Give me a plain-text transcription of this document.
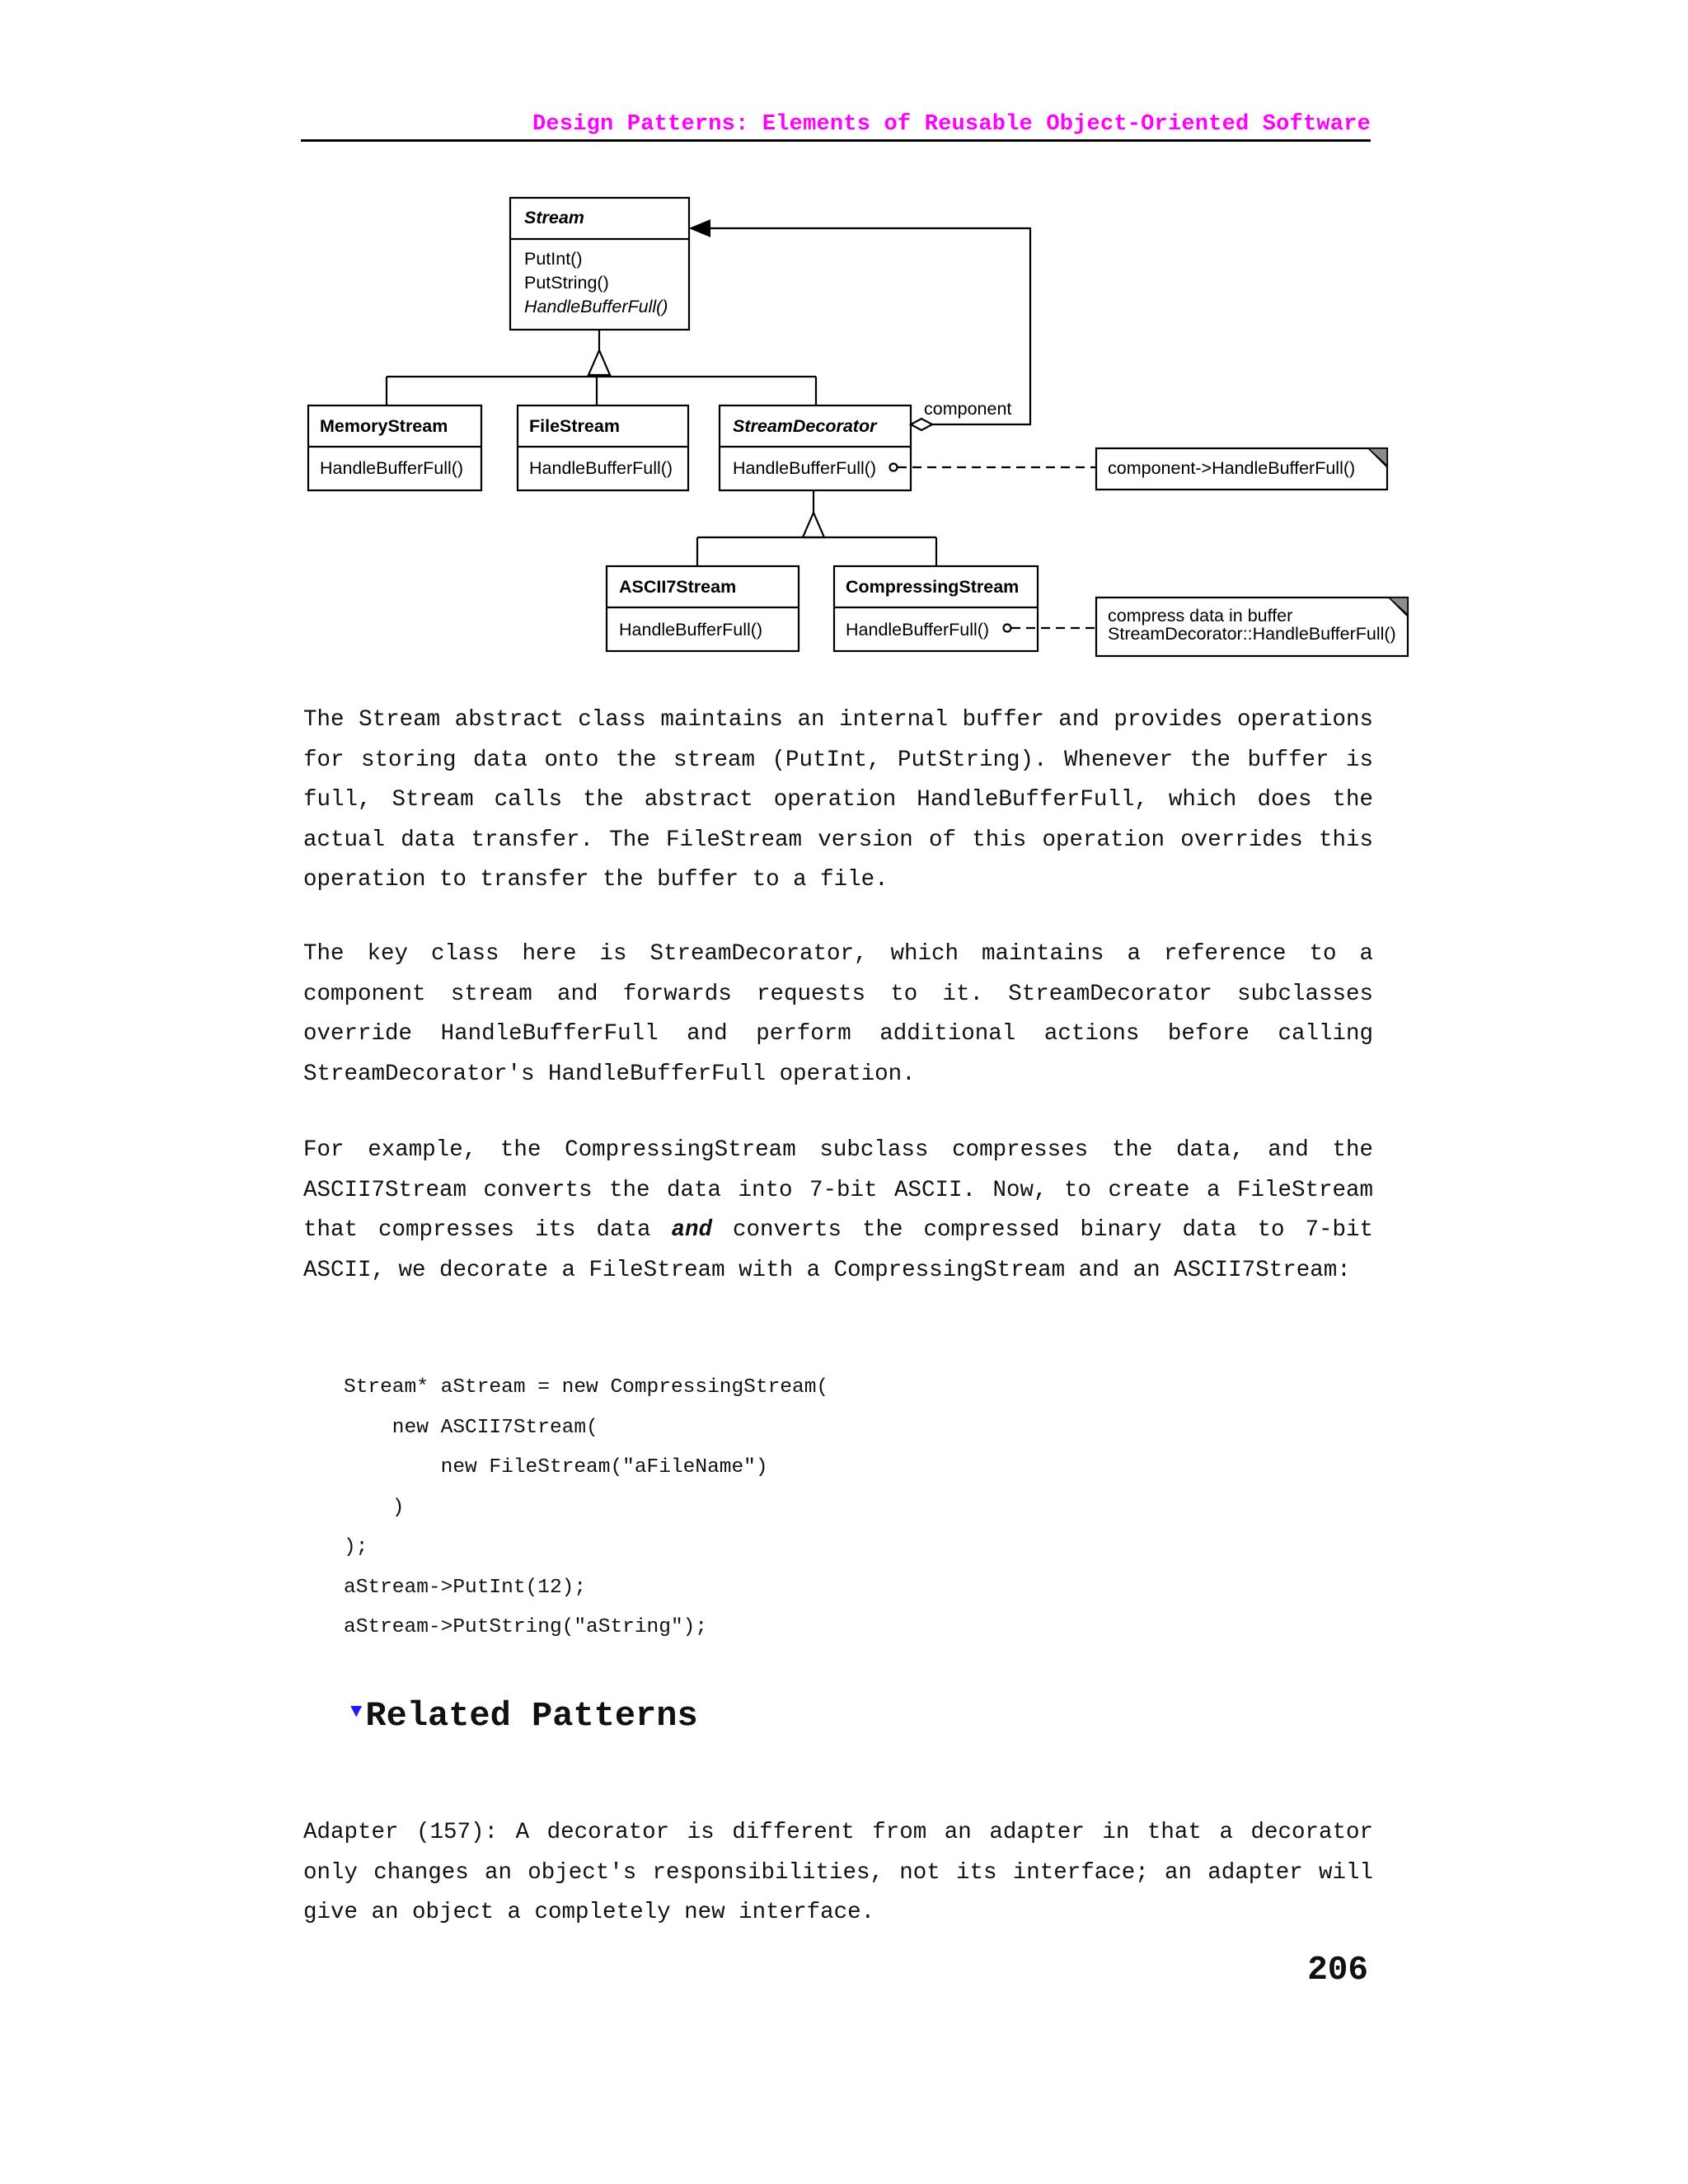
Design Patterns: Elements of Reusable Object-Oriented Software
Stream
PutInt()
PutString()
HandleBufferFull()
MemoryStream
HandleBufferFull()
FileStream
HandleBufferFull()
StreamDecorator
HandleBufferFull()
component
component->HandleBufferFull()
ASCII7Stream
HandleBufferFull()
CompressingStream
HandleBufferFull()
compress data in buffer
StreamDecorator::HandleBufferFull()

The Stream abstract class maintains an internal buffer and provides operations for storing data onto the stream (PutInt, PutString). Whenever the buffer is full, Stream calls the abstract operation HandleBufferFull, which does the actual data transfer. The FileStream version of this operation overrides this operation to transfer the buffer to a file.

The key class here is StreamDecorator, which maintains a reference to a component stream and forwards requests to it. StreamDecorator subclasses override HandleBufferFull and perform additional actions before calling StreamDecorator's HandleBufferFull operation.

For example, the CompressingStream subclass compresses the data, and the ASCII7Stream converts the data into 7-bit ASCII. Now, to create a FileStream that compresses its data and converts the compressed binary data to 7-bit ASCII, we decorate a FileStream with a CompressingStream and an ASCII7Stream:

Stream* aStream = new CompressingStream(
new ASCII7Stream(
new FileStream("aFileName")
)
);
aStream->PutInt(12);
aStream->PutString("aString");
▼ Related Patterns

Adapter (157): A decorator is different from an adapter in that a decorator only changes an object's responsibilities, not its interface; an adapter will give an object a completely new interface.

206
